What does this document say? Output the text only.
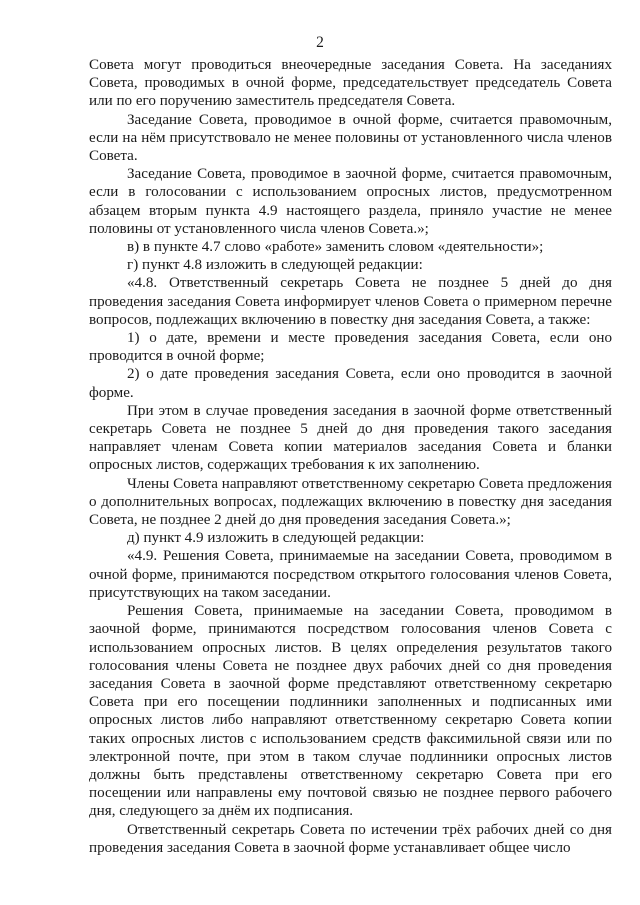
2

Совета могут проводиться внеочередные заседания Совета. На заседаниях Совета, проводимых в очной форме, председательствует председатель Совета или по его поручению заместитель председателя Совета.

Заседание Совета, проводимое в очной форме, считается правомочным, если на нём присутствовало не менее половины от установленного числа членов Совета.

Заседание Совета, проводимое в заочной форме, считается правомочным, если в голосовании с использованием опросных листов, предусмотренном абзацем вторым пункта 4.9 настоящего раздела, приняло участие не менее половины от установленного числа членов Совета.»;

в) в пункте 4.7 слово «работе» заменить словом «деятельности»;

г) пункт 4.8 изложить в следующей редакции:

«4.8. Ответственный секретарь Совета не позднее 5 дней до дня проведения заседания Совета информирует членов Совета о примерном перечне вопросов, подлежащих включению в повестку дня заседания Совета, а также:

1) о дате, времени и месте проведения заседания Совета, если оно проводится в очной форме;

2) о дате проведения заседания Совета, если оно проводится в заочной форме.

При этом в случае проведения заседания в заочной форме ответственный секретарь Совета не позднее 5 дней до дня проведения такого заседания направляет членам Совета копии материалов заседания Совета и бланки опросных листов, содержащих требования к их заполнению.

Члены Совета направляют ответственному секретарю Совета предложения о дополнительных вопросах, подлежащих включению в повестку дня заседания Совета, не позднее 2 дней до дня проведения заседания Совета.»;

д) пункт 4.9 изложить в следующей редакции:

«4.9. Решения Совета, принимаемые на заседании Совета, проводимом в очной форме, принимаются посредством открытого голосования членов Совета, присутствующих на таком заседании.

Решения Совета, принимаемые на заседании Совета, проводимом в заочной форме, принимаются посредством голосования членов Совета с использованием опросных листов. В целях определения результатов такого голосования члены Совета не позднее двух рабочих дней со дня проведения заседания Совета в заочной форме представляют ответственному секретарю Совета при его посещении подлинники заполненных и подписанных ими опросных листов либо направляют ответственному секретарю Совета копии таких опросных листов с использованием средств факсимильной связи или по электронной почте, при этом в таком случае подлинники опросных листов должны быть представлены ответственному секретарю Совета при его посещении или направлены ему почтовой связью не позднее первого рабочего дня, следующего за днём их подписания.

Ответственный секретарь Совета по истечении трёх рабочих дней со дня проведения заседания Совета в заочной форме устанавливает общее число
